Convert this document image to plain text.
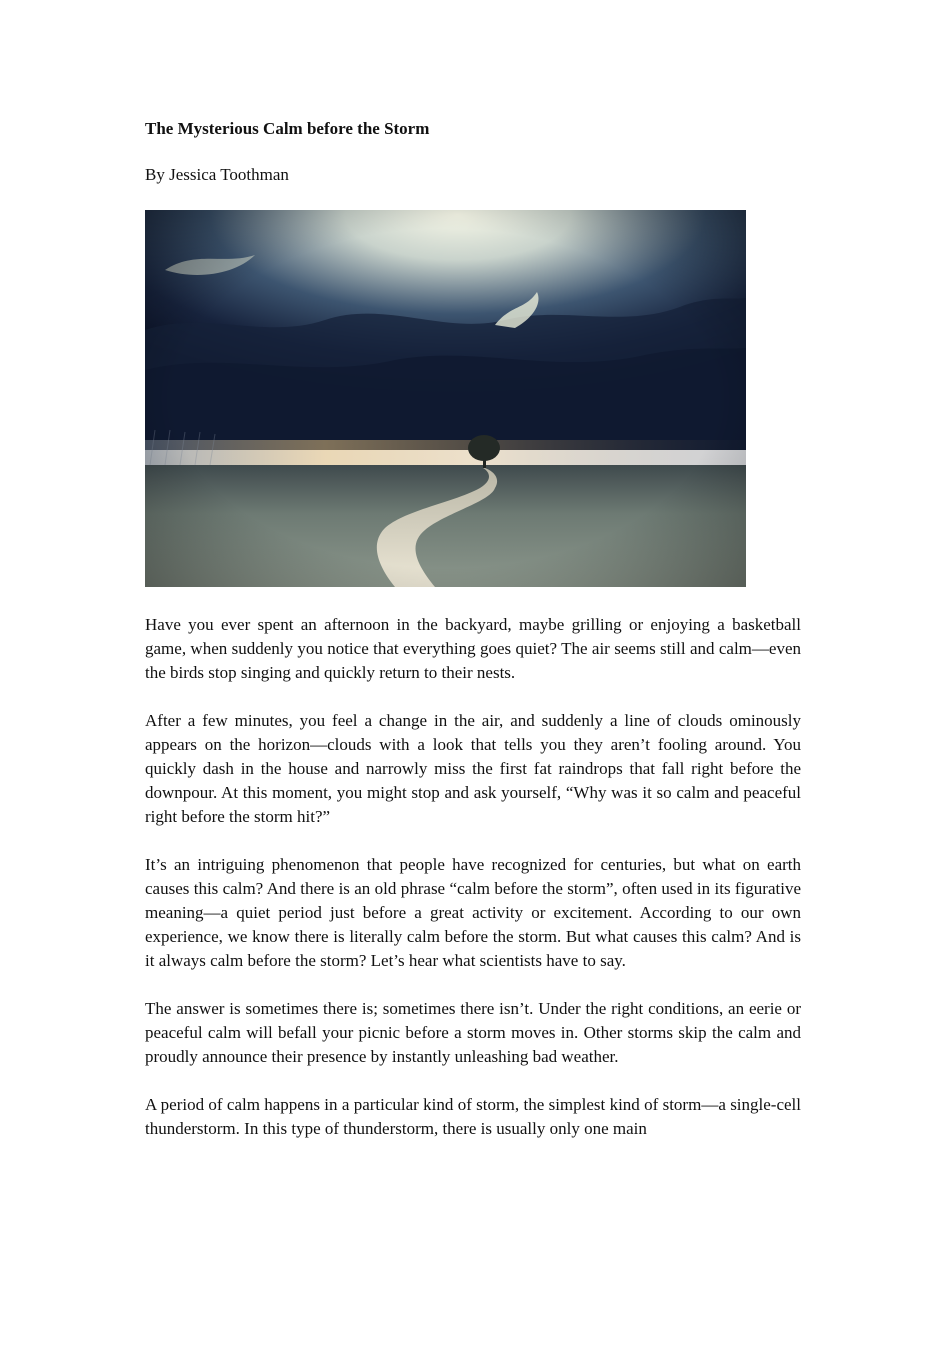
The Mysterious Calm before the Storm

By Jessica Toothman

Have you ever spent an afternoon in the backyard, maybe grilling or enjoying a basketball game, when suddenly you notice that everything goes quiet? The air seems still and calm—even the birds stop singing and quickly return to their nests.

After a few minutes, you feel a change in the air, and suddenly a line of clouds ominously appears on the horizon—clouds with a look that tells you they aren’t fooling around. You quickly dash in the house and narrowly miss the first fat raindrops that fall right before the downpour. At this moment, you might stop and ask yourself, “Why was it so calm and peaceful right before the storm hit?”

It’s an intriguing phenomenon that people have recognized for centuries, but what on earth causes this calm? And there is an old phrase “calm before the storm”, often used in its figurative meaning—a quiet period just before a great activity or excitement. According to our own experience, we know there is literally calm before the storm. But what causes this calm? And is it always calm before the storm? Let’s hear what scientists have to say.

The answer is sometimes there is; sometimes there isn’t. Under the right conditions, an eerie or peaceful calm will befall your picnic before a storm moves in. Other storms skip the calm and proudly announce their presence by instantly unleashing bad weather.

A period of calm happens in a particular kind of storm, the simplest kind of storm—a single-cell thunderstorm. In this type of thunderstorm, there is usually only one main
